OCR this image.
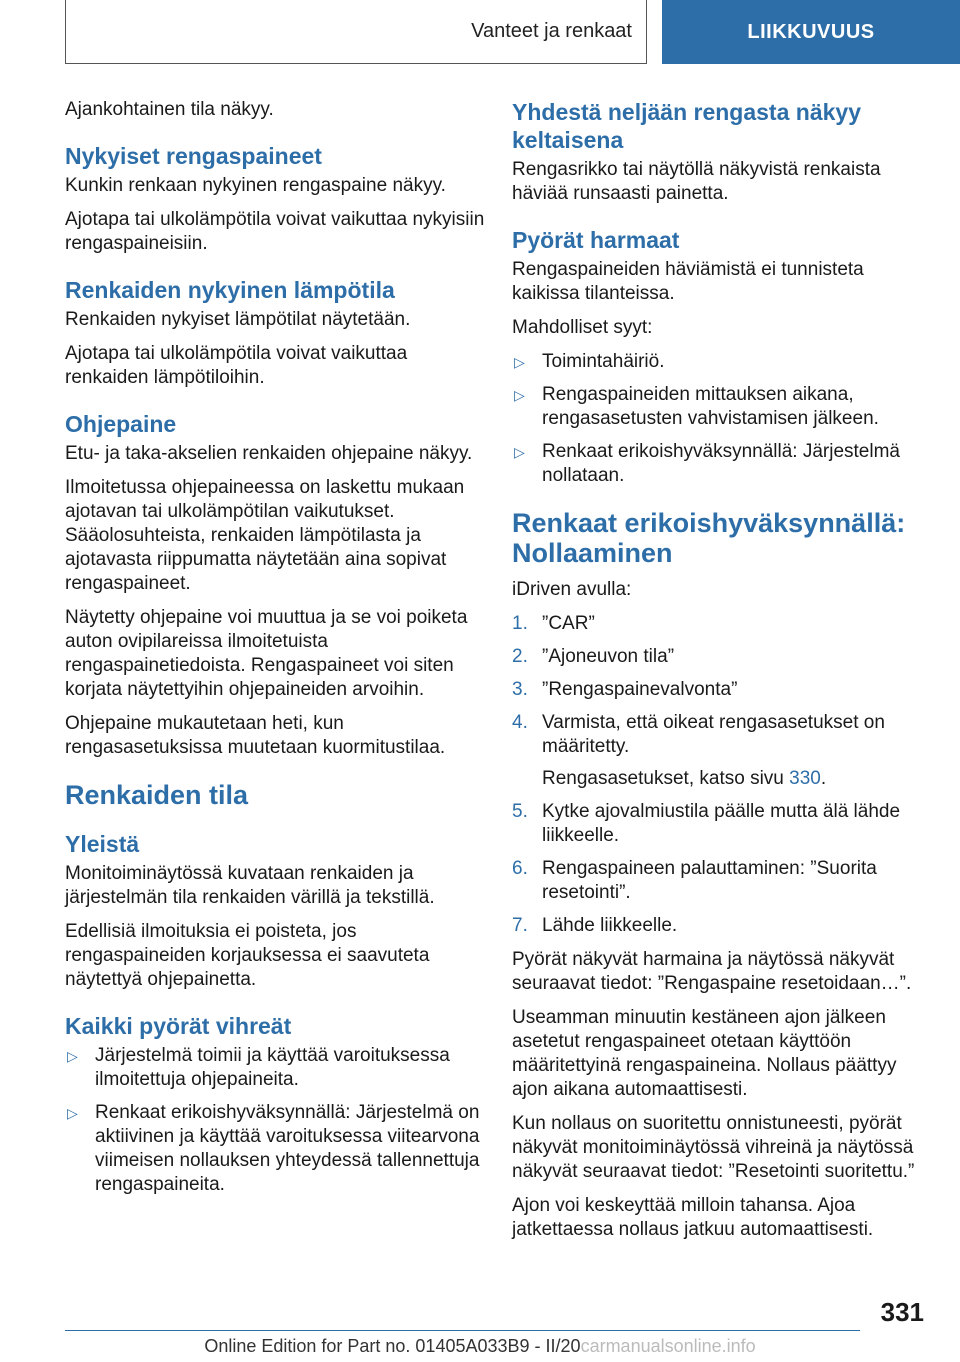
Vanteet ja renkaat	LIIKKUVUUS

Ajankohtainen tila näkyy.

Nykyiset rengaspaineet

Kunkin renkaan nykyinen rengaspaine näkyy.

Ajotapa tai ulkolämpötila voivat vaikuttaa nykyisiin rengaspaineisiin.

Renkaiden nykyinen lämpötila

Renkaiden nykyiset lämpötilat näytetään.

Ajotapa tai ulkolämpötila voivat vaikuttaa renkaiden lämpötiloihin.

Ohjepaine

Etu- ja taka-akselien renkaiden ohjepaine näkyy.

Ilmoitetussa ohjepaineessa on laskettu mukaan ajotavan tai ulkolämpötilan vaikutukset. Sääolosuhteista, renkaiden lämpötilasta ja ajotavasta riippumatta näytetään aina sopivat rengaspaineet.

Näytetty ohjepaine voi muuttua ja se voi poiketa auton ovipilareissa ilmoitetuista rengaspainetiedoista. Rengaspaineet voi siten korjata näytettyihin ohjepaineiden arvoihin.

Ohjepaine mukautetaan heti, kun rengasasetuksissa muutetaan kuormitustilaa.

Renkaiden tila
Yleistä

Monitoiminäytössä kuvataan renkaiden ja järjestelmän tila renkaiden värillä ja tekstillä.

Edellisiä ilmoituksia ei poisteta, jos rengaspaineiden korjauksessa ei saavuteta näytettyä ohjepainetta.

Kaikki pyörät vihreät
▷ Järjestelmä toimii ja käyttää varoituksessa ilmoitettuja ohjepaineita.
▷ Renkaat erikoishyväksynnällä: Järjestelmä on aktiivinen ja käyttää varoituksessa viitearvona viimeisen nollauksen yhteydessä tallennettuja rengaspaineita.
Yhdestä neljään rengasta näkyy keltaisena

Rengasrikko tai näytöllä näkyvistä renkaista häviää runsaasti painetta.

Pyörät harmaat

Rengaspaineiden häviämistä ei tunnisteta kaikissa tilanteissa.

Mahdolliset syyt:

▷ Toimintahäiriö.
▷ Rengaspaineiden mittauksen aikana, rengasasetusten vahvistamisen jälkeen.
▷ Renkaat erikoishyväksynnällä: Järjestelmä nollataan.
Renkaat erikoishyväksynnällä: Nollaaminen

iDriven avulla:

1. ”CAR”
2. ”Ajoneuvon tila”
3. ”Rengaspainevalvonta”
4. Varmista, että oikeat rengasasetukset on määritetty.
Rengasasetukset, katso sivu 330.
5. Kytke ajovalmiustila päälle mutta älä lähde liikkeelle.
6. Rengaspaineen palauttaminen: ”Suorita resetointi”.
7. Lähde liikkeelle.

Pyörät näkyvät harmaina ja näytössä näkyvät seuraavat tiedot: ”Rengaspaine resetoidaan…”.

Useamman minuutin kestäneen ajon jälkeen asetetut rengaspaineet otetaan käyttöön määritettyinä rengaspaineina. Nollaus päättyy ajon aikana automaattisesti.

Kun nollaus on suoritettu onnistuneesti, pyörät näkyvät monitoiminäytössä vihreinä ja näytössä näkyvät seuraavat tiedot: ”Resetointi suoritettu.”

Ajon voi keskeyttää milloin tahansa. Ajoa jatkettaessa nollaus jatkuu automaattisesti.

331
Online Edition for Part no. 01405A033B9 - II/20carmanualsonline.info
